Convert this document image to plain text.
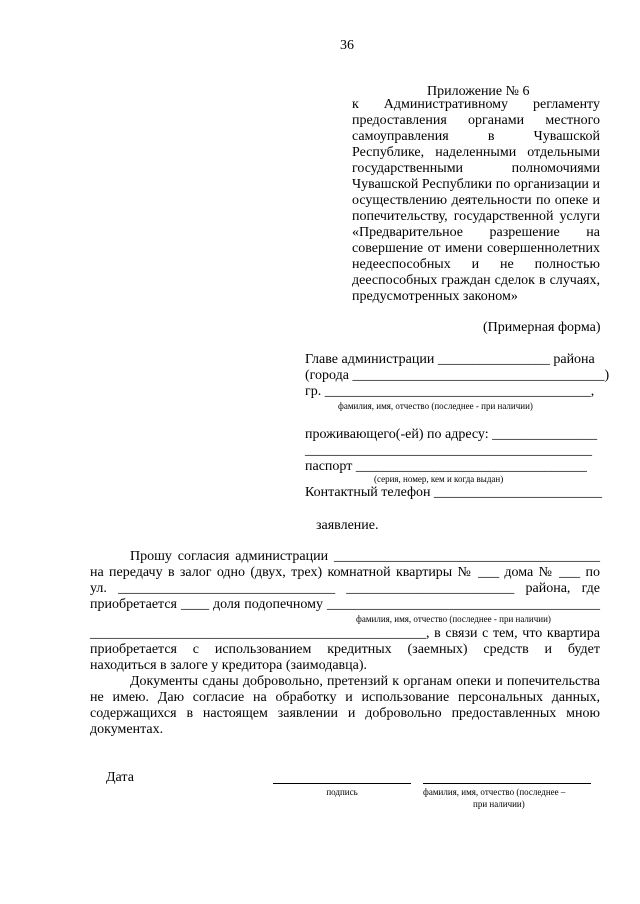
36
Приложение № 6
к Административному регламенту
предоставления органами местного
самоуправления в Чувашской
Республике, наделенными отдельными
государственными полномочиями
Чувашской Республики по организации и
осуществлению деятельности по опеке и
попечительству, государственной услуги
«Предварительное разрешение на
совершение от имени совершеннолетних
недееспособных и не полностью
дееспособных граждан сделок в случаях,
предусмотренных законом»
(Примерная форма)
Главе администрации ________________ района
(города ____________________________________)
гр. ______________________________________,
фамилия, имя, отчество (последнее - при наличии)
проживающего(-ей) по адресу: _______________
_________________________________________
паспорт _________________________________
(серия, номер, кем и когда выдан)
Контактный телефон ________________________
заявление.
Прошу согласия администрации ______________________________________
на передачу в залог одно (двух, трех) комнатной квартиры № ___ дома № ___ по
ул. _______________________________ ________________________ района, где
приобретается ____ доля подопечному _______________________________________
фамилия, имя, отчество (последнее - при наличии)
________________________________________________, в связи с тем, что квартира
приобретается с использованием кредитных (заемных) средств и будет
находиться в залоге у кредитора (заимодавца).
Документы сданы добровольно, претензий к органам опеки и попечительства
не имею. Даю согласие на обработку и использование персональных данных,
содержащихся в настоящем заявлении и добровольно предоставленных мною
документах.
Дата
подпись	фамилия, имя, отчество (последнее –
при наличии)
